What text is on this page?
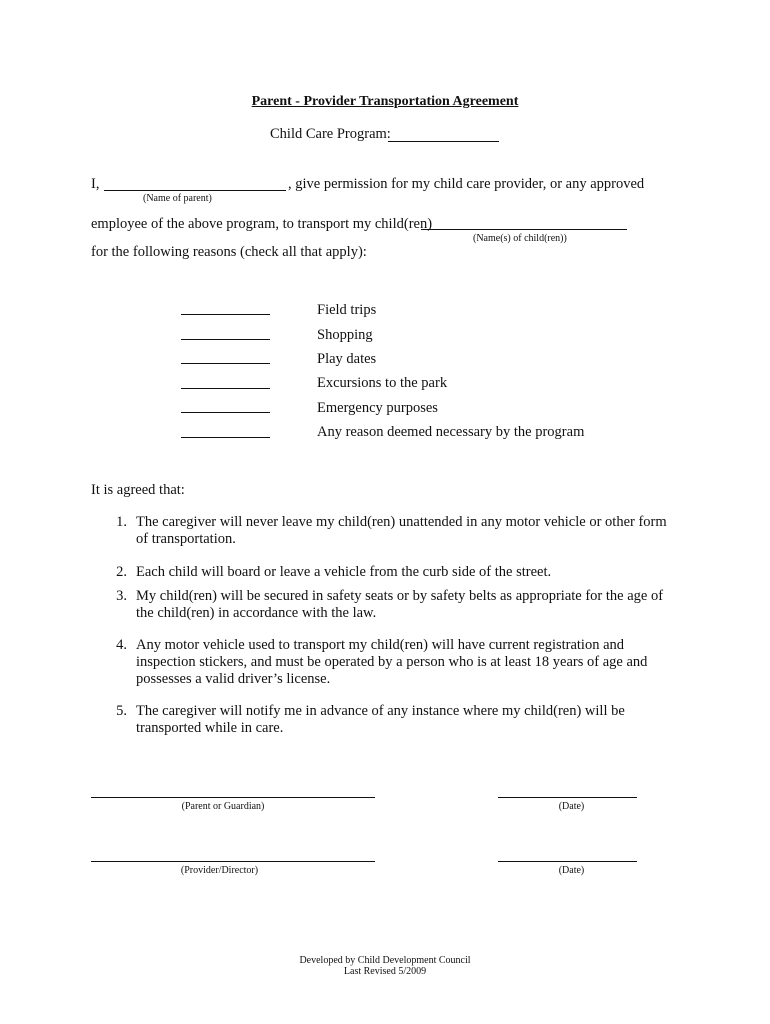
Parent - Provider Transportation Agreement
Child Care Program:
I,	, give permission for my child care provider, or any approved
(Name of parent)
employee of the above program, to transport my child(ren)
(Name(s) of child(ren))
for the following reasons (check all that apply):
Field trips
Shopping
Play dates
Excursions to the park
Emergency purposes
Any reason deemed necessary by the program
It is agreed that:
1. The caregiver will never leave my child(ren) unattended in any motor vehicle or other form of transportation.
2. Each child will board or leave a vehicle from the curb side of the street.
3. My child(ren) will be secured in safety seats or by safety belts as appropriate for the age of the child(ren) in accordance with the law.
4. Any motor vehicle used to transport my child(ren) will have current registration and inspection stickers, and must be operated by a person who is at least 18 years of age and possesses a valid driver’s license.
5. The caregiver will notify me in advance of any instance where my child(ren) will be transported while in care.
(Parent or Guardian)	(Date)
(Provider/Director)	(Date)
Developed by Child Development Council
Last Revised 5/2009
